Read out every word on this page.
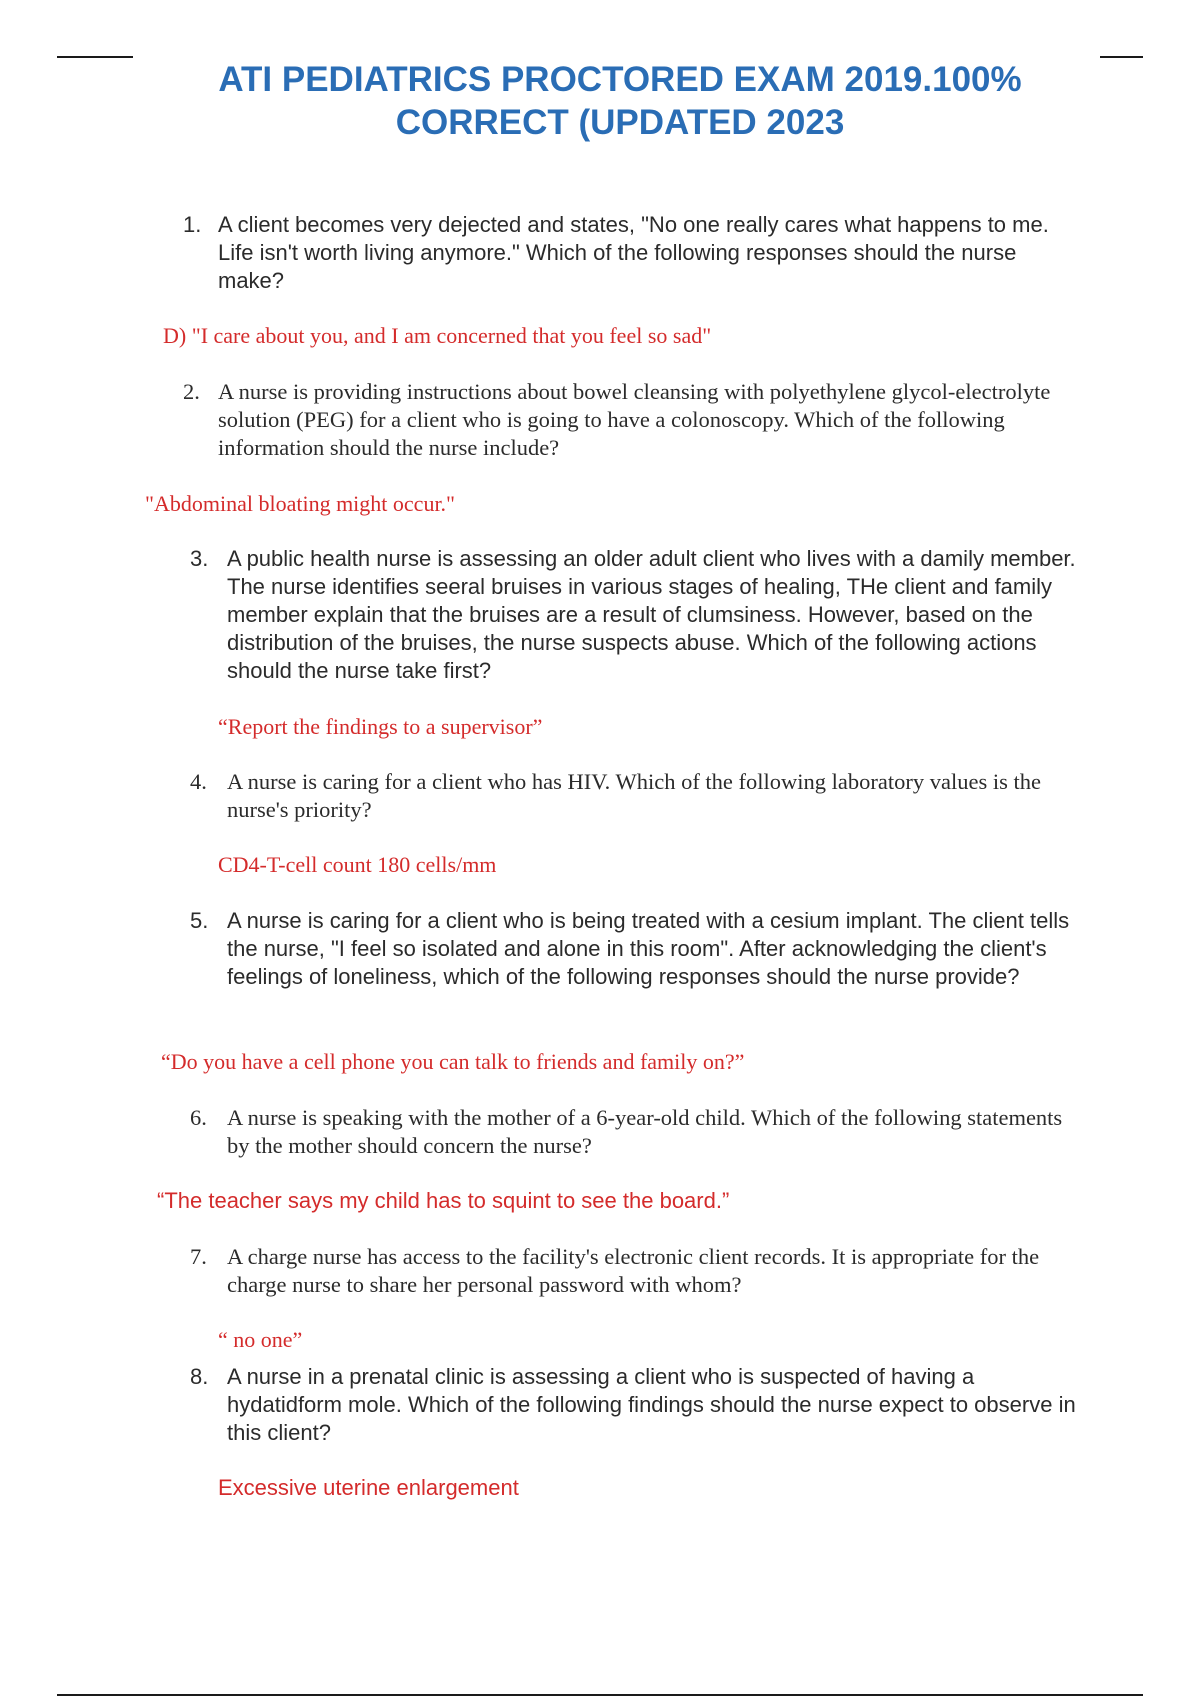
ATI PEDIATRICS PROCTORED EXAM 2019.100%
CORRECT (UPDATED 2023
1. A client becomes very dejected and states, "No one really cares what happens to me. Life isn't worth living anymore." Which of the following responses should the nurse make?
D) "I care about you, and I am concerned that you feel so sad"
2. A nurse is providing instructions about bowel cleansing with polyethylene glycol-electrolyte solution (PEG) for a client who is going to have a colonoscopy. Which of the following information should the nurse include?
"Abdominal bloating might occur."
3. A public health nurse is assessing an older adult client who lives with a damily member. The nurse identifies seeral bruises in various stages of healing, THe client and family member explain that the bruises are a result of clumsiness. However, based on the distribution of the bruises, the nurse suspects abuse. Which of the following actions should the nurse take first?
“Report the findings to a supervisor”
4. A nurse is caring for a client who has HIV. Which of the following laboratory values is the nurse's priority?
CD4-T-cell count 180 cells/mm
5. A nurse is caring for a client who is being treated with a cesium implant. The client tells the nurse, "I feel so isolated and alone in this room". After acknowledging the client's feelings of loneliness, which of the following responses should the nurse provide?
“Do you have a cell phone you can talk to friends and family on?”
6. A nurse is speaking with the mother of a 6-year-old child. Which of the following statements by the mother should concern the nurse?
“The teacher says my child has to squint to see the board.”
7. A charge nurse has access to the facility's electronic client records. It is appropriate for the charge nurse to share her personal password with whom?
“ no one”
8. A nurse in a prenatal clinic is assessing a client who is suspected of having a hydatidform mole. Which of the following findings should the nurse expect to observe in this client?
Excessive uterine enlargement
